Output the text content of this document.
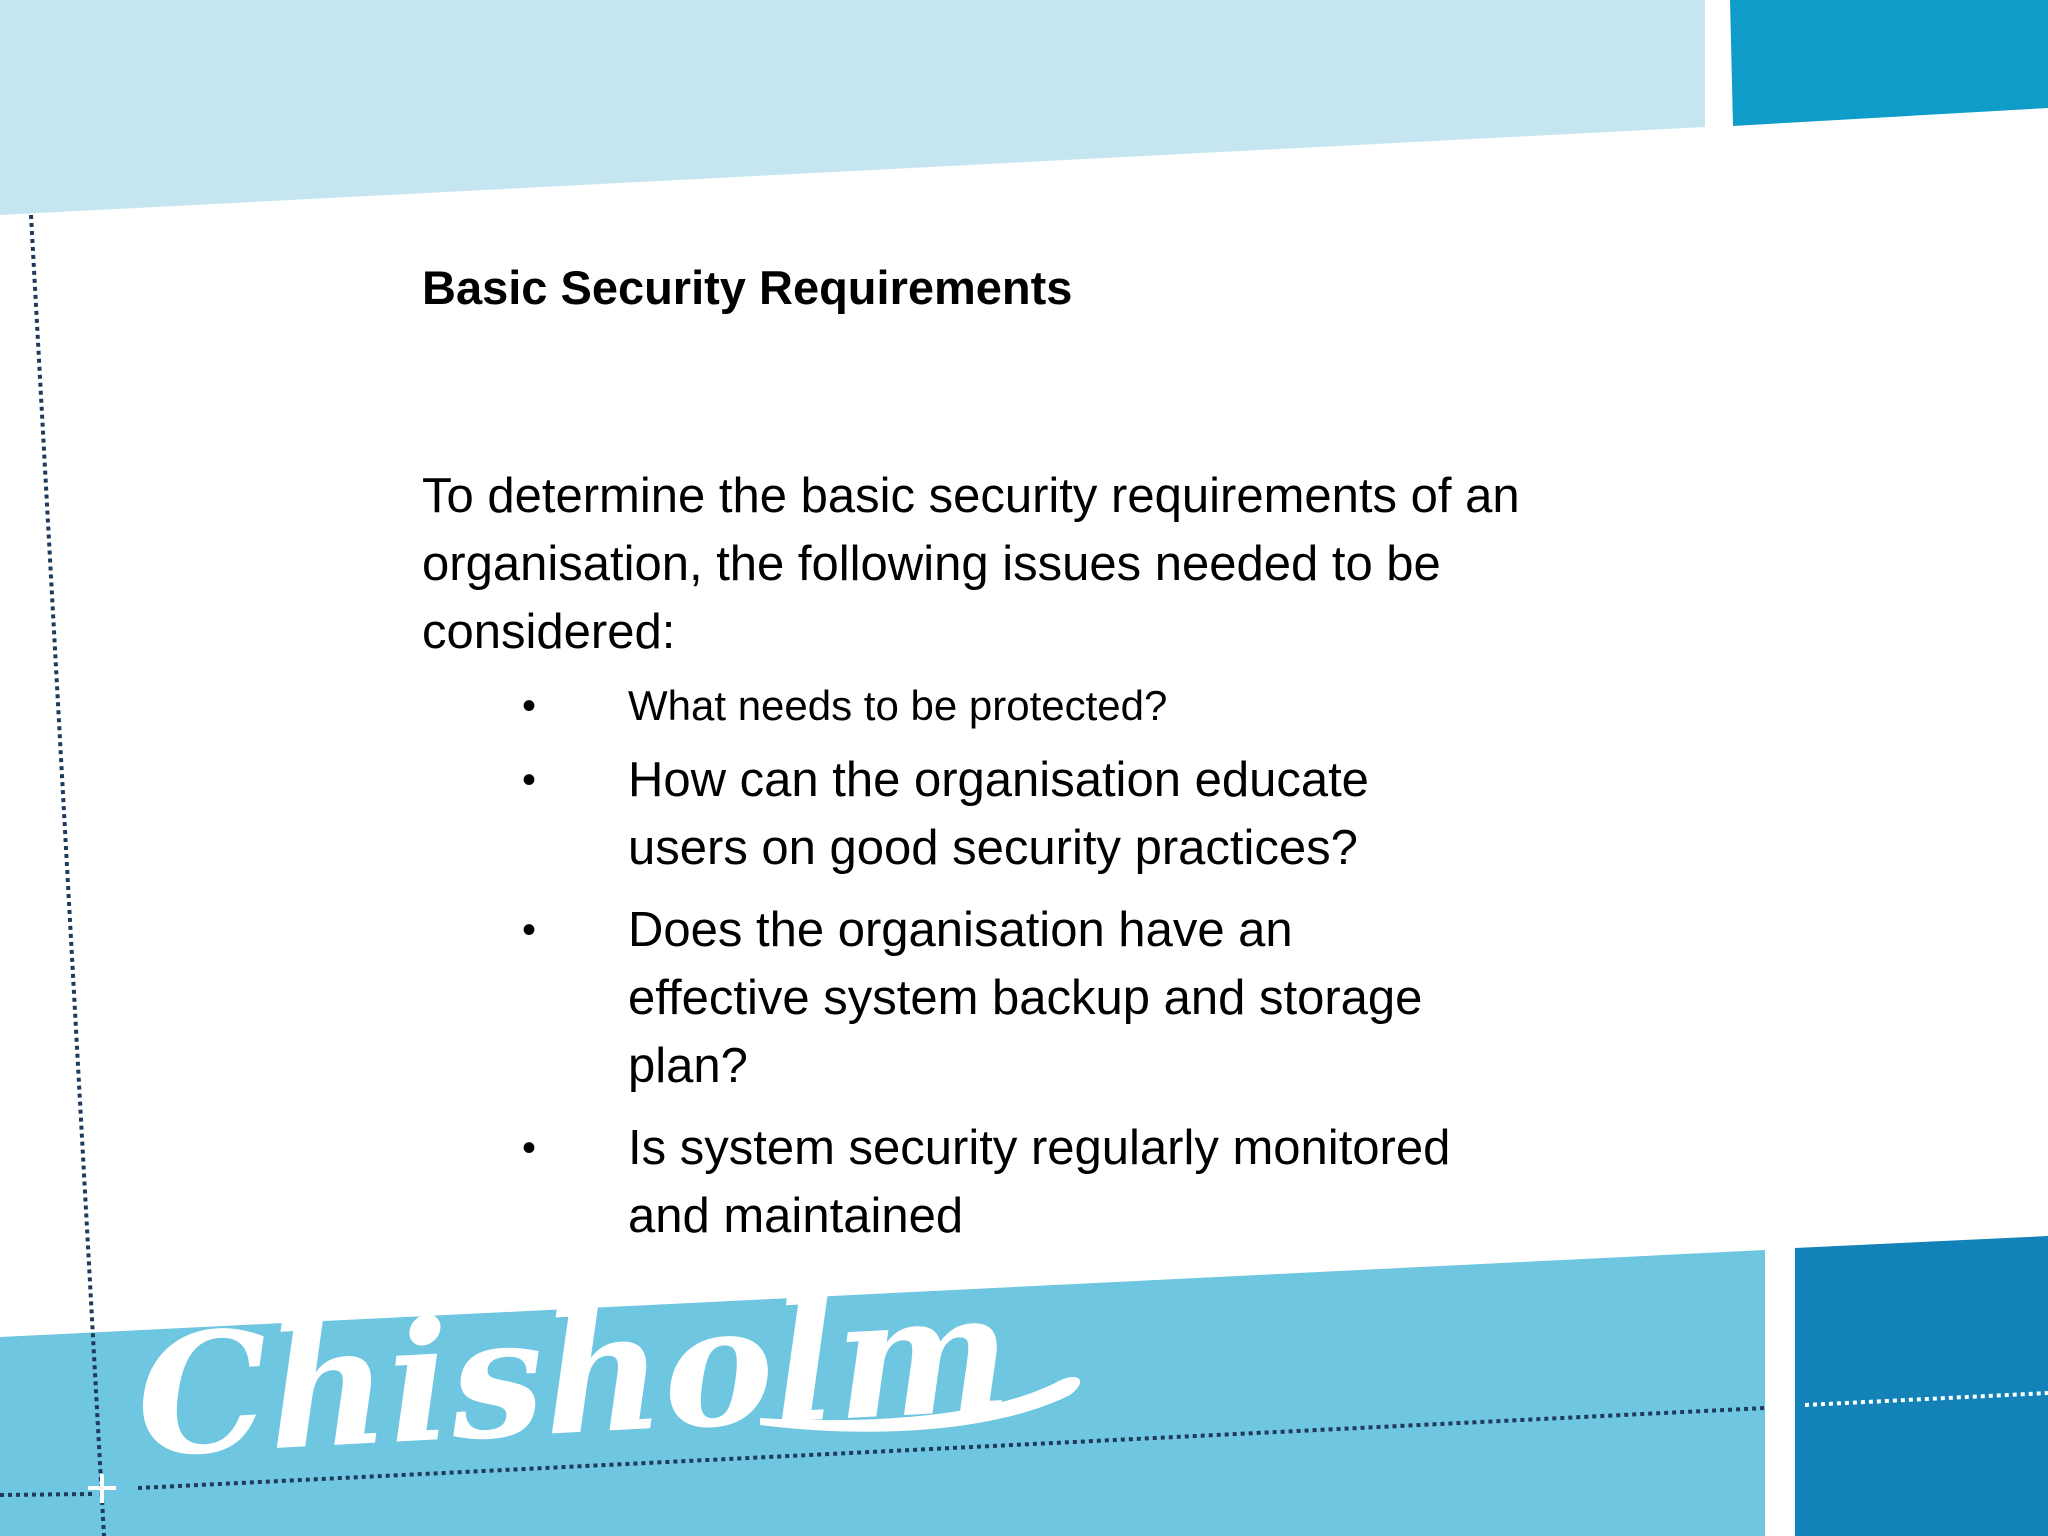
Chisholm
Basic Security Requirements

To determine the basic security requirements of an organisation, the following issues needed to be considered:

• What needs to be protected?
• How can the organisation educate users on good security practices?
• Does the organisation have an effective system backup and storage plan?
• Is system security regularly monitored and maintained
